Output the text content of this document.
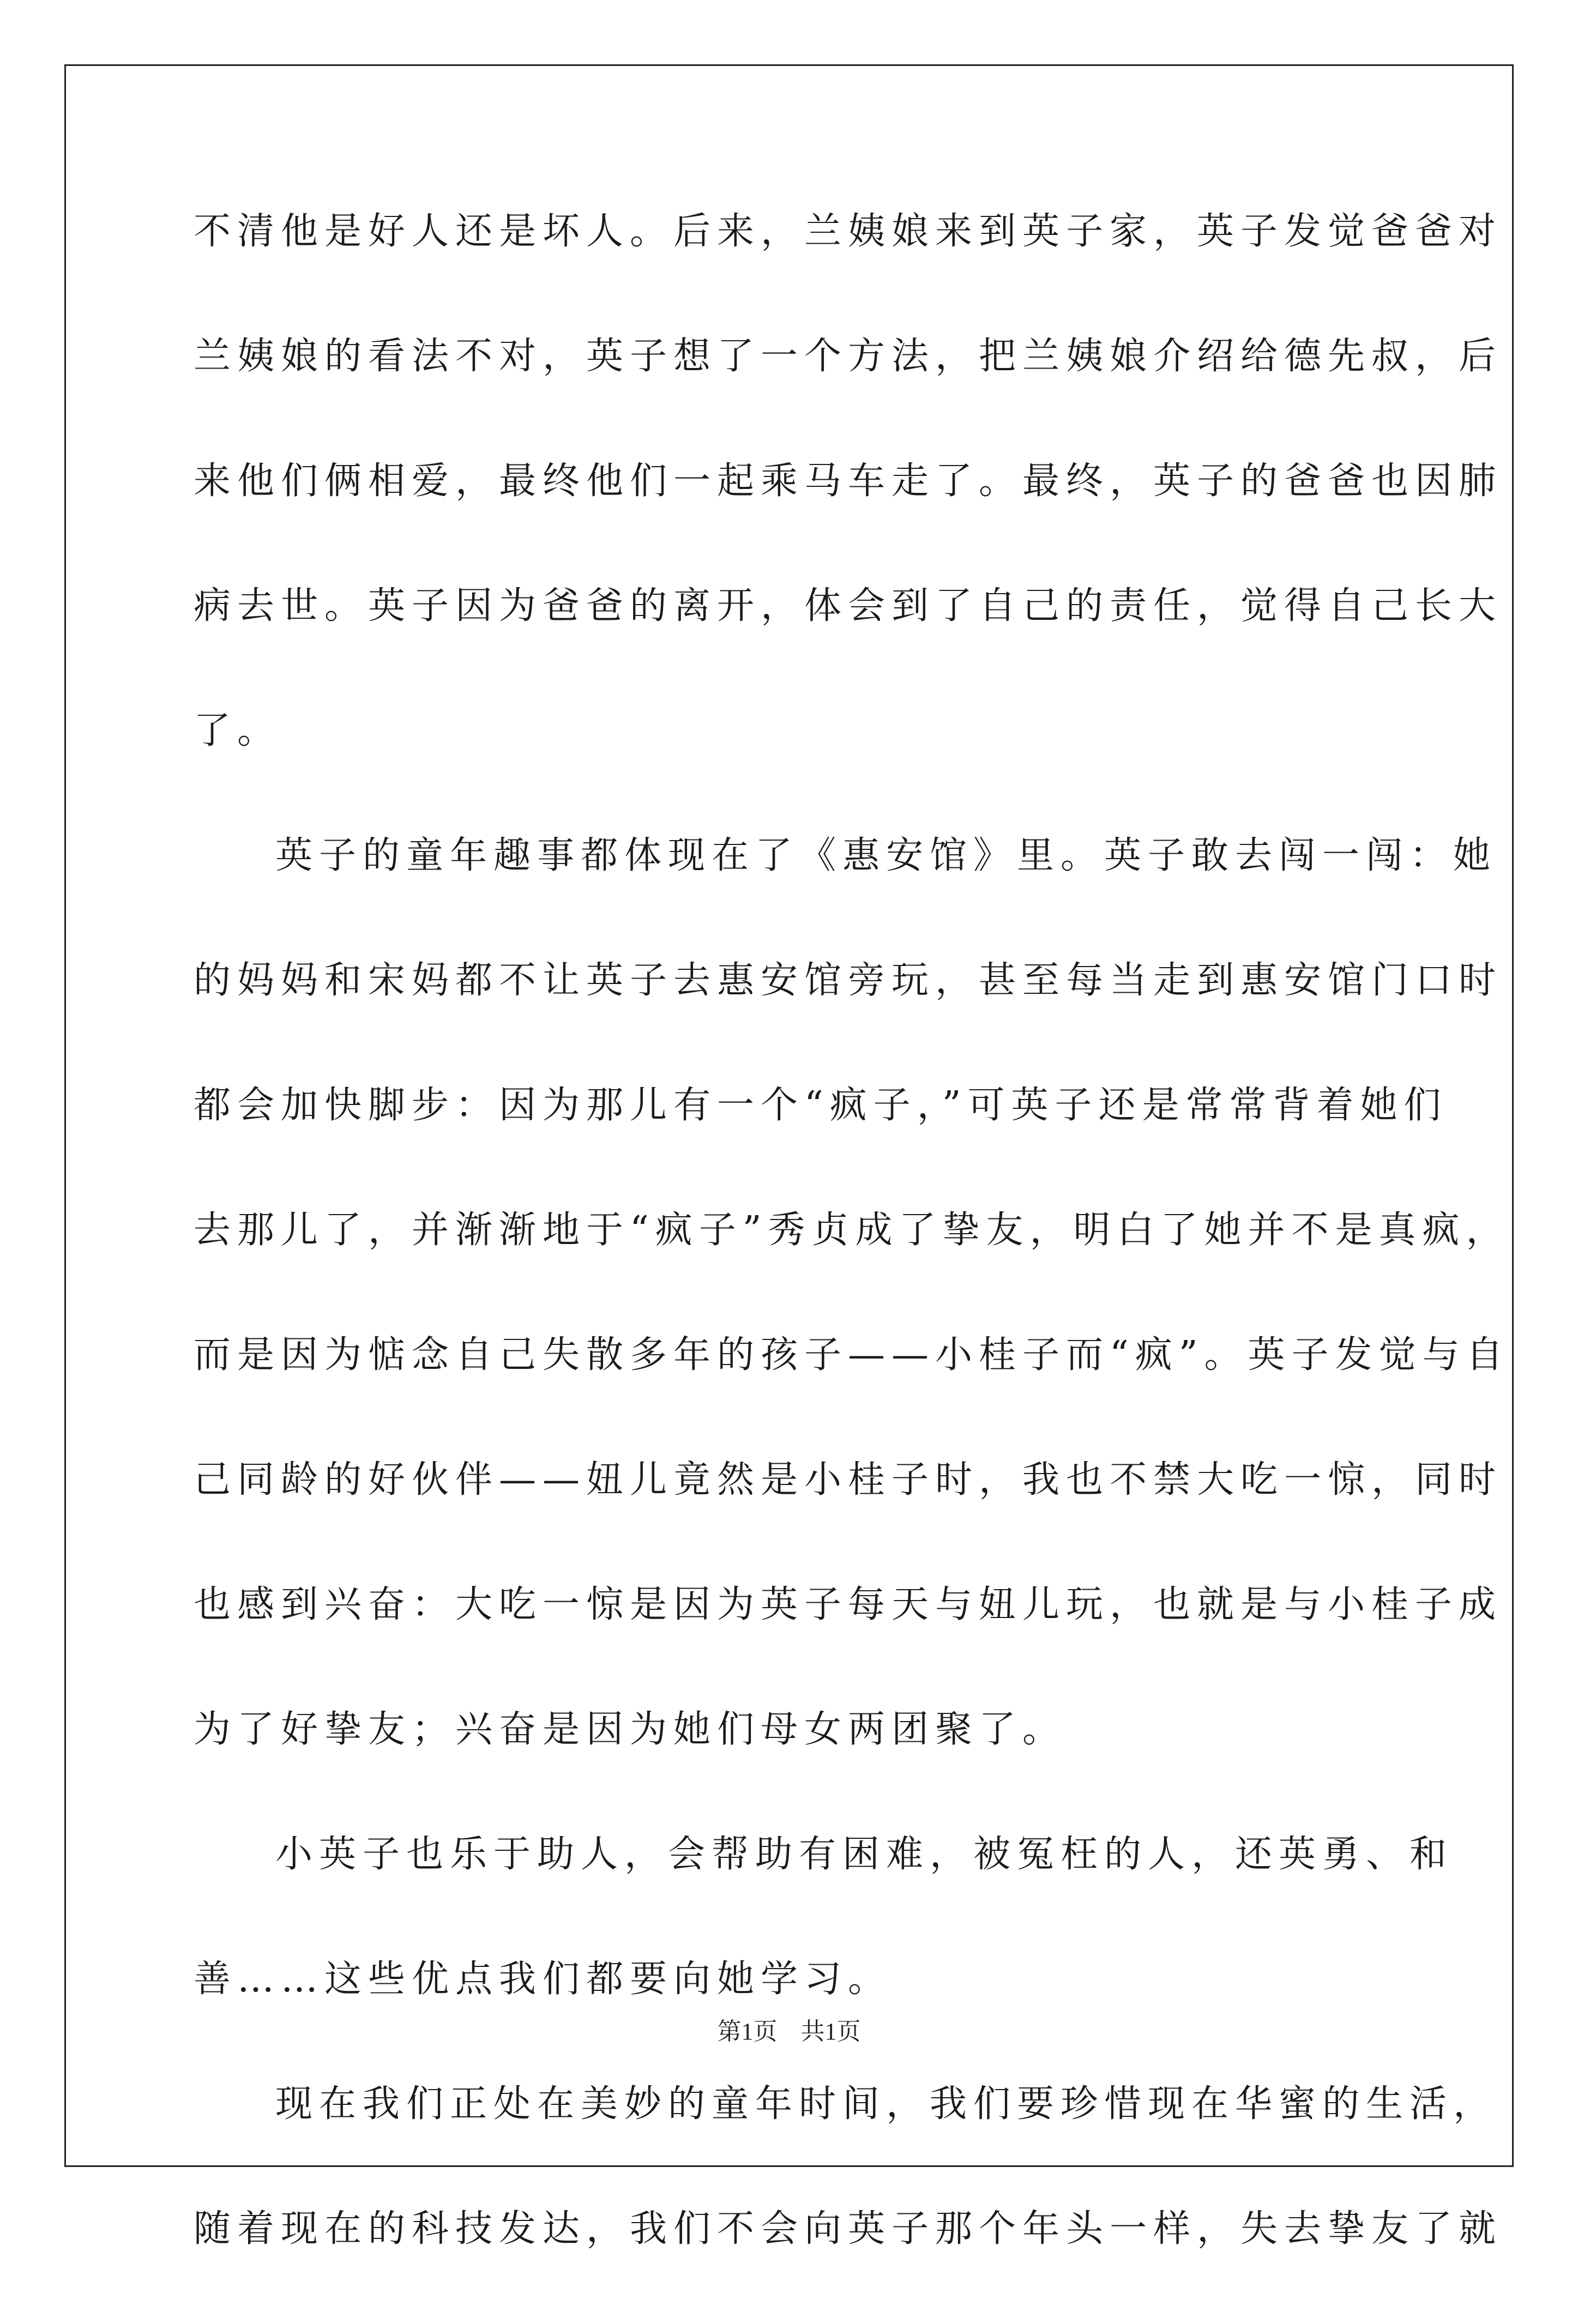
不清他是好人还是坏人。后来，兰姨娘来到英子家，英子发觉爸爸对
兰姨娘的看法不对，英子想了一个方法，把兰姨娘介绍给德先叔，后
来他们俩相爱，最终他们一起乘马车走了。最终，英子的爸爸也因肺
病去世。英子因为爸爸的离开，体会到了自己的责任，觉得自己长大
了。
英子的童年趣事都体现在了《惠安馆》里。英子敢去闯一闯：她
的妈妈和宋妈都不让英子去惠安馆旁玩，甚至每当走到惠安馆门口时
都会加快脚步：因为那儿有一个“疯子，”可英子还是常常背着她们
去那儿了，并渐渐地于“疯子”秀贞成了挚友，明白了她并不是真疯，
而是因为惦念自己失散多年的孩子——小桂子而“疯”。英子发觉与自
己同龄的好伙伴——妞儿竟然是小桂子时，我也不禁大吃一惊，同时
也感到兴奋：大吃一惊是因为英子每天与妞儿玩，也就是与小桂子成
为了好挚友；兴奋是因为她们母女两团聚了。
小英子也乐于助人，会帮助有困难，被冤枉的人，还英勇、和
善……这些优点我们都要向她学习。
现在我们正处在美妙的童年时间，我们要珍惜现在华蜜的生活，
随着现在的科技发达，我们不会向英子那个年头一样，失去挚友了就
第1页 共1页
